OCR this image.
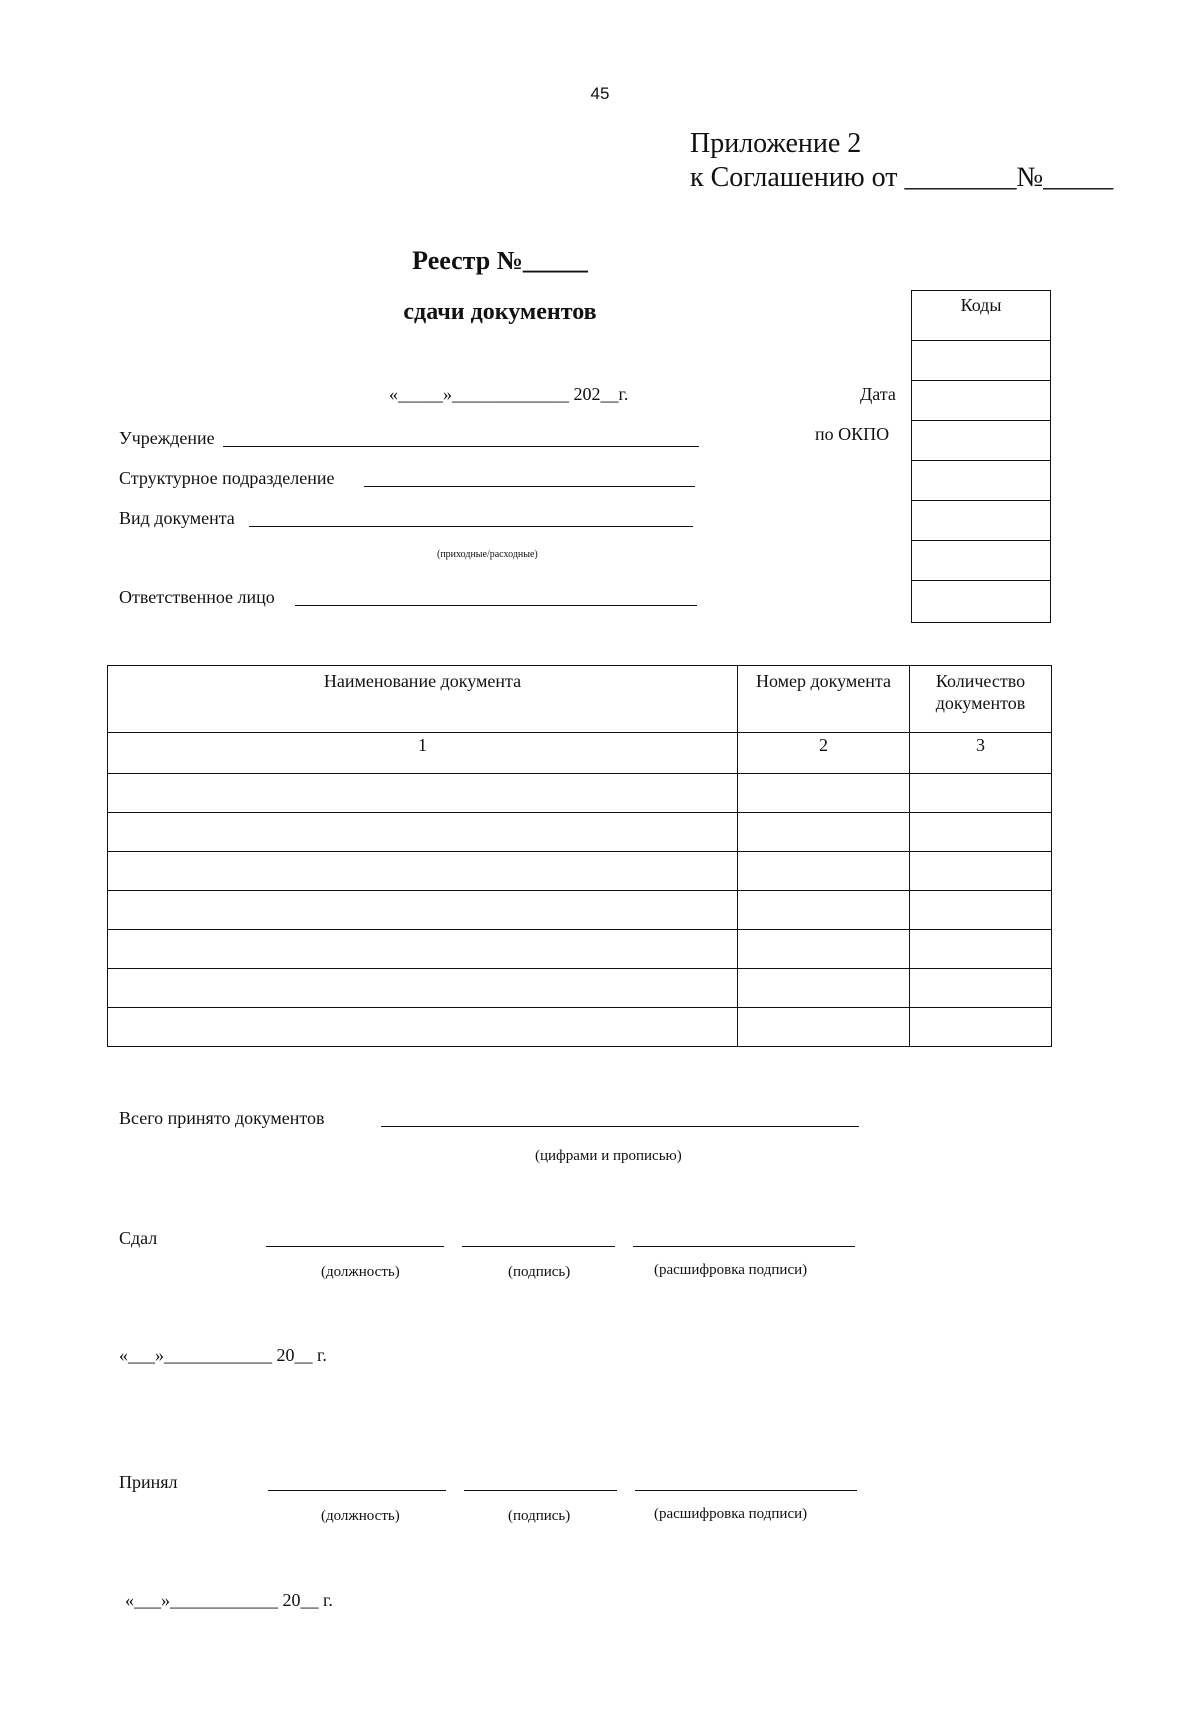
45
Приложение 2
к Соглашению от ________№_____
Реестр №_____
сдачи документов	Коды
«_____»_____________ 202__г.	Дата
по ОКПО
Учреждение
Структурное подразделение
Вид документа
(приходные/расходные)
Ответственное лицо
Наименование документа	Номер документа	Количество документов
1	2	3

Всего принято документов
(цифрами и прописью)
Сдал
(должность)	(подпись)	(расшифровка подписи)
«___»____________ 20__ г.
Принял
(должность)	(подпись)	(расшифровка подписи)
«___»____________ 20__ г.
